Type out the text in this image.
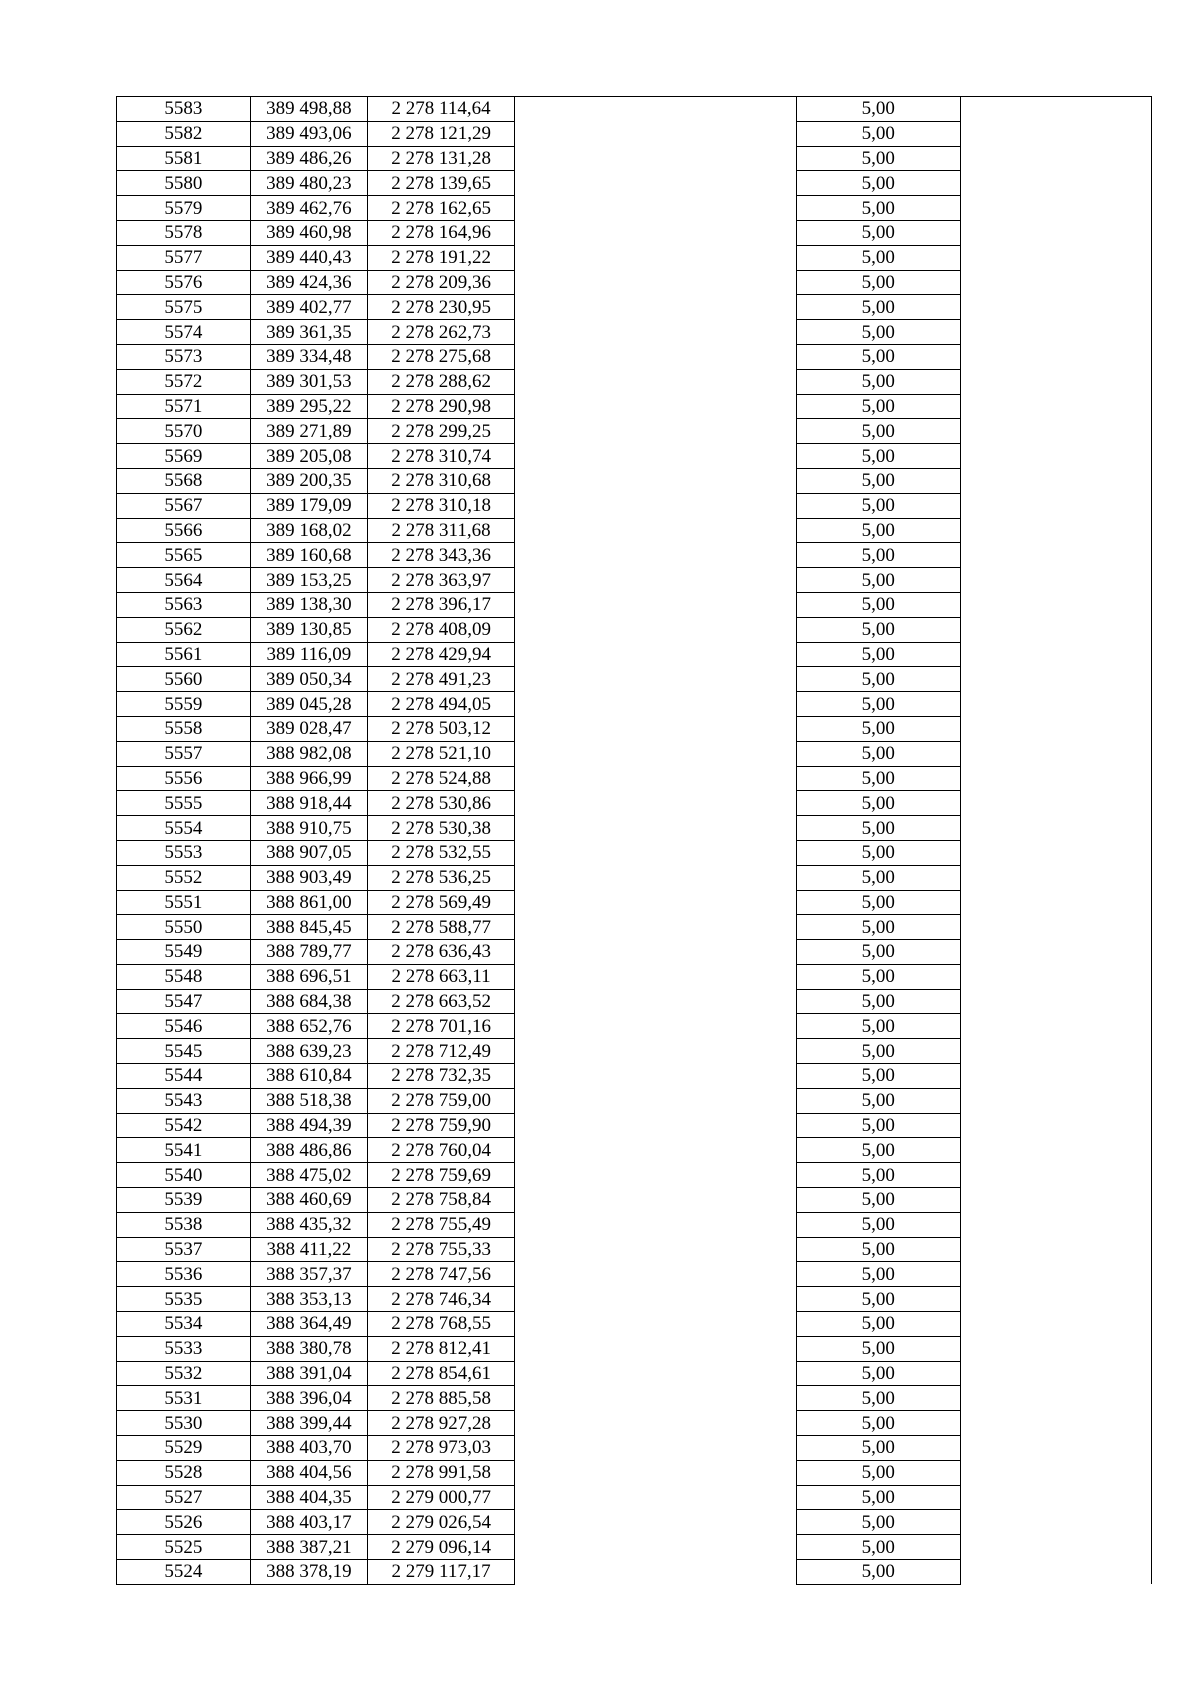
5583	389 498,88	2 278 114,64		5,00	
5582	389 493,06	2 278 121,29		5,00	
5581	389 486,26	2 278 131,28		5,00	
5580	389 480,23	2 278 139,65		5,00	
5579	389 462,76	2 278 162,65		5,00	
5578	389 460,98	2 278 164,96		5,00	
5577	389 440,43	2 278 191,22		5,00	
5576	389 424,36	2 278 209,36		5,00	
5575	389 402,77	2 278 230,95		5,00	
5574	389 361,35	2 278 262,73		5,00	
5573	389 334,48	2 278 275,68		5,00	
5572	389 301,53	2 278 288,62		5,00	
5571	389 295,22	2 278 290,98		5,00	
5570	389 271,89	2 278 299,25		5,00	
5569	389 205,08	2 278 310,74		5,00	
5568	389 200,35	2 278 310,68		5,00	
5567	389 179,09	2 278 310,18		5,00	
5566	389 168,02	2 278 311,68		5,00	
5565	389 160,68	2 278 343,36		5,00	
5564	389 153,25	2 278 363,97		5,00	
5563	389 138,30	2 278 396,17		5,00	
5562	389 130,85	2 278 408,09		5,00	
5561	389 116,09	2 278 429,94		5,00	
5560	389 050,34	2 278 491,23		5,00	
5559	389 045,28	2 278 494,05		5,00	
5558	389 028,47	2 278 503,12		5,00	
5557	388 982,08	2 278 521,10		5,00	
5556	388 966,99	2 278 524,88		5,00	
5555	388 918,44	2 278 530,86		5,00	
5554	388 910,75	2 278 530,38		5,00	
5553	388 907,05	2 278 532,55		5,00	
5552	388 903,49	2 278 536,25		5,00	
5551	388 861,00	2 278 569,49		5,00	
5550	388 845,45	2 278 588,77		5,00	
5549	388 789,77	2 278 636,43		5,00	
5548	388 696,51	2 278 663,11		5,00	
5547	388 684,38	2 278 663,52		5,00	
5546	388 652,76	2 278 701,16		5,00	
5545	388 639,23	2 278 712,49		5,00	
5544	388 610,84	2 278 732,35		5,00	
5543	388 518,38	2 278 759,00		5,00	
5542	388 494,39	2 278 759,90		5,00	
5541	388 486,86	2 278 760,04		5,00	
5540	388 475,02	2 278 759,69		5,00	
5539	388 460,69	2 278 758,84		5,00	
5538	388 435,32	2 278 755,49		5,00	
5537	388 411,22	2 278 755,33		5,00	
5536	388 357,37	2 278 747,56		5,00	
5535	388 353,13	2 278 746,34		5,00	
5534	388 364,49	2 278 768,55		5,00	
5533	388 380,78	2 278 812,41		5,00	
5532	388 391,04	2 278 854,61		5,00	
5531	388 396,04	2 278 885,58		5,00	
5530	388 399,44	2 278 927,28		5,00	
5529	388 403,70	2 278 973,03		5,00	
5528	388 404,56	2 278 991,58		5,00	
5527	388 404,35	2 279 000,77		5,00	
5526	388 403,17	2 279 026,54		5,00	
5525	388 387,21	2 279 096,14		5,00	
5524	388 378,19	2 279 117,17		5,00	
